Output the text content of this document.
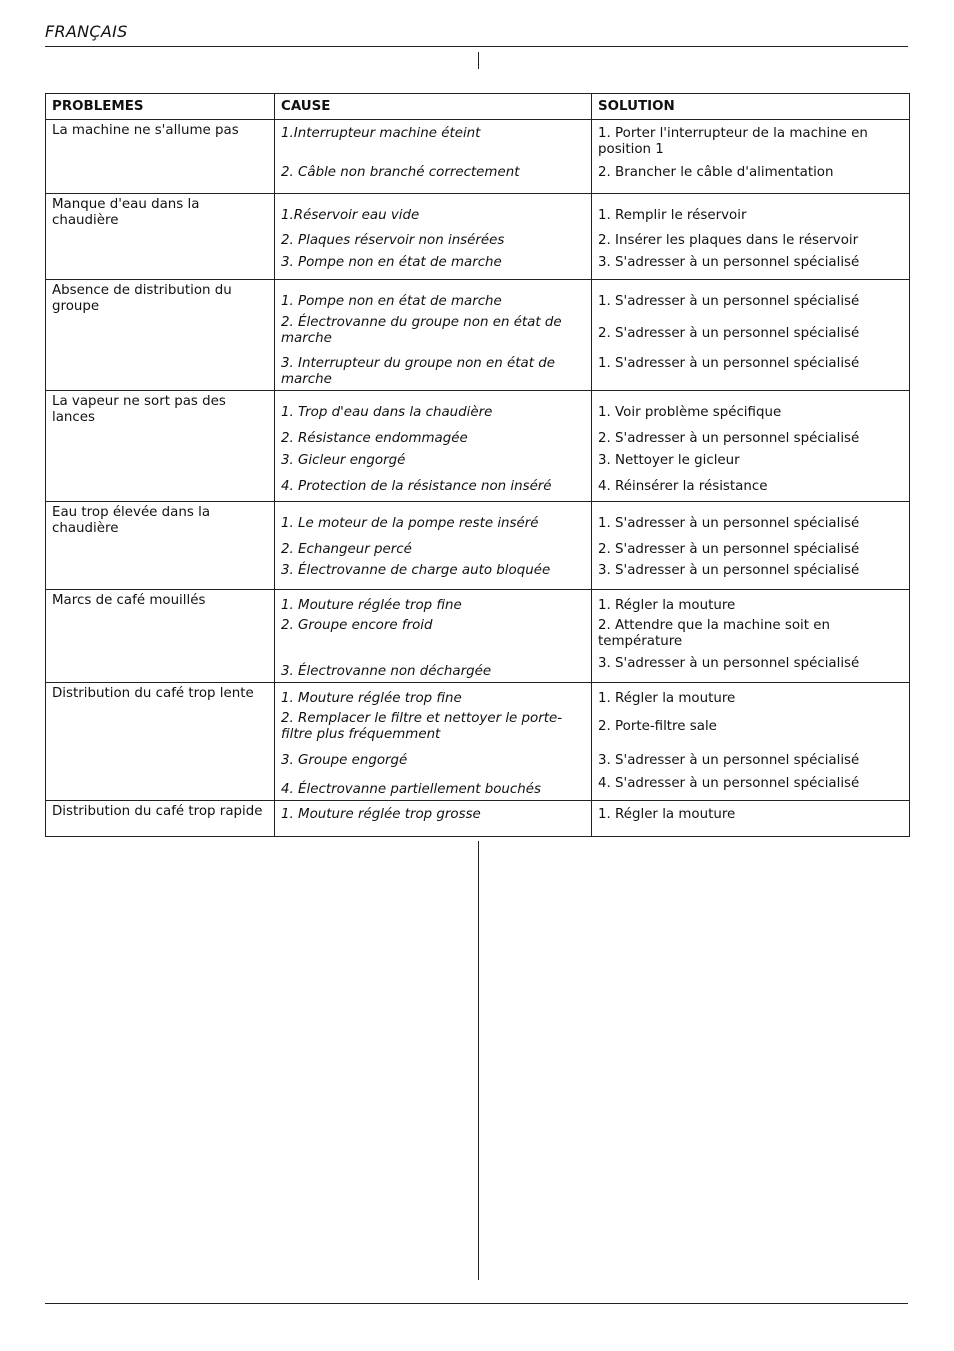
FRANÇAIS
PROBLEMES	CAUSE	SOLUTION
La machine ne s'allume pas	1.Interrupteur machine éteint	1. Porter l'interrupteur de la machine en position 1
	2. Câble non branché correctement	2. Brancher le câble d'alimentation
Manque d'eau dans la chaudière	1.Réservoir eau vide	1. Remplir le réservoir
	2. Plaques réservoir non insérées	2. Insérer les plaques dans le réservoir
	3. Pompe non en état de marche	3. S'adresser à un personnel spécialisé
Absence de distribution du groupe	1. Pompe non en état de marche	1. S'adresser à un personnel spécialisé
	2. Électrovanne du groupe non en état de marche	2. S'adresser à un personnel spécialisé
	3. Interrupteur du groupe non en état de marche	1. S'adresser à un personnel spécialisé
La vapeur ne sort pas des lances	1. Trop d'eau dans la chaudière	1. Voir problème spécifique
	2. Résistance endommagée	2. S'adresser à un personnel spécialisé
	3. Gicleur engorgé	3. Nettoyer le gicleur
	4. Protection de la résistance non inséré	4. Réinsérer la résistance
Eau trop élevée dans la chaudière	1. Le moteur de la pompe reste inséré	1. S'adresser à un personnel spécialisé
	2. Echangeur percé	2. S'adresser à un personnel spécialisé
	3. Électrovanne de charge auto bloquée	3. S'adresser à un personnel spécialisé
Marcs de café mouillés	1. Mouture réglée trop fine	1. Régler la mouture
	2. Groupe encore froid	2. Attendre que la machine soit en température
	3. Électrovanne non déchargée	3. S'adresser à un personnel spécialisé
Distribution du café trop lente	1. Mouture réglée trop fine	1. Régler la mouture
	2. Remplacer le filtre et nettoyer le porte-filtre plus fréquemment	2. Porte-filtre sale
	3. Groupe engorgé	3. S'adresser à un personnel spécialisé
	4. Électrovanne partiellement bouchés	4. S'adresser à un personnel spécialisé
Distribution du café trop rapide	1. Mouture réglée trop grosse	1. Régler la mouture
